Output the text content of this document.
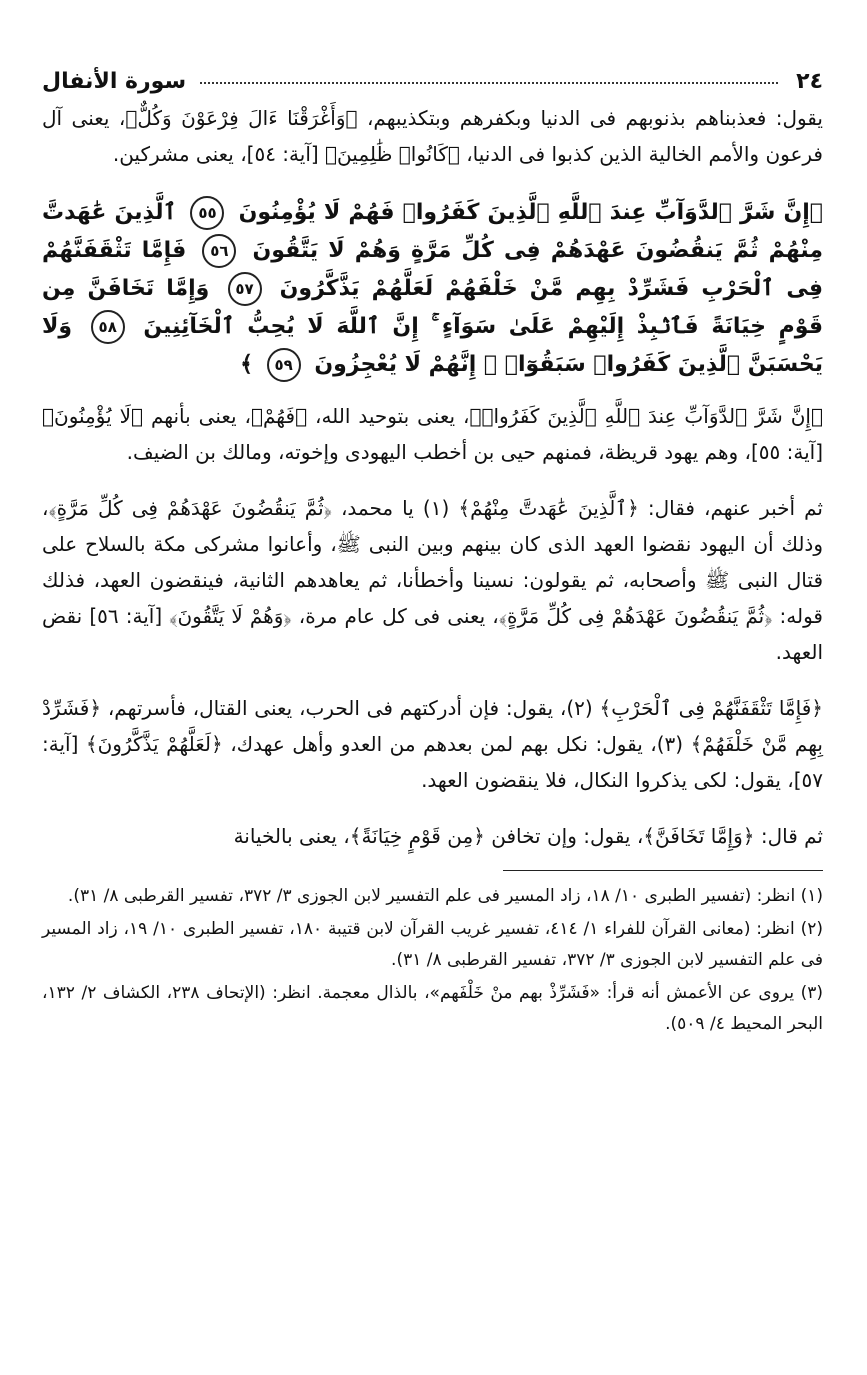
٢٤
سورة الأنفال

يقول: فعذبناهم بذنوبهم فى الدنيا وبكفرهم وبتكذيبهم، ﴿وَأَغْرَقْنَا ءَالَ فِرْعَوْنَ وَكُلٌّ﴾، يعنى آل فرعون والأمم الخالية الذين كذبوا فى الدنيا، ﴿كَانُوا۟ ظَٰلِمِينَ﴾ [آية: ٥٤]، يعنى مشركين.

﴿إِنَّ شَرَّ ٱلدَّوَآبِّ عِندَ ٱللَّهِ ٱلَّذِينَ كَفَرُوا۟ فَهُمْ لَا يُؤْمِنُونَ ٥٥ ٱلَّذِينَ عَٰهَدتَّ مِنْهُمْ ثُمَّ يَنقُضُونَ عَهْدَهُمْ فِى كُلِّ مَرَّةٍ وَهُمْ لَا يَتَّقُونَ ٥٦ فَإِمَّا تَثْقَفَنَّهُمْ فِى ٱلْحَرْبِ فَشَرِّدْ بِهِم مَّنْ خَلْفَهُمْ لَعَلَّهُمْ يَذَّكَّرُونَ ٥٧ وَإِمَّا تَخَافَنَّ مِن قَوْمٍ خِيَانَةً فَٱنۢبِذْ إِلَيْهِمْ عَلَىٰ سَوَآءٍ ۚ إِنَّ ٱللَّهَ لَا يُحِبُّ ٱلْخَآئِنِينَ ٥٨ وَلَا يَحْسَبَنَّ ٱلَّذِينَ كَفَرُوا۟ سَبَقُوٓا۟ ۚ إِنَّهُمْ لَا يُعْجِزُونَ ٥٩ ﴾

﴿إِنَّ شَرَّ ٱلدَّوَآبِّ عِندَ ٱللَّهِ ٱلَّذِينَ كَفَرُوا۟﴾، يعنى بتوحيد الله، ﴿فَهُمْ﴾، يعنى بأنهم ﴿لَا يُؤْمِنُونَ﴾ [آية: ٥٥]، وهم يهود قريظة، فمنهم حيى بن أخطب اليهودى وإخوته، ومالك بن الضيف.

ثم أخبر عنهم، فقال: ﴿ٱلَّذِينَ عَٰهَدتَّ مِنْهُمْ﴾ (١) يا محمد، ﴿ثُمَّ يَنقُضُونَ عَهْدَهُمْ فِى كُلِّ مَرَّةٍ﴾، وذلك أن اليهود نقضوا العهد الذى كان بينهم وبين النبى ﷺ، وأعانوا مشركى مكة بالسلاح على قتال النبى ﷺ وأصحابه، ثم يقولون: نسينا وأخطأنا، ثم يعاهدهم الثانية، فينقضون العهد، فذلك قوله: ﴿ثُمَّ يَنقُضُونَ عَهْدَهُمْ فِى كُلِّ مَرَّةٍ﴾، يعنى فى كل عام مرة، ﴿وَهُمْ لَا يَتَّقُونَ﴾ [آية: ٥٦] نقض العهد.

﴿فَإِمَّا تَثْقَفَنَّهُمْ فِى ٱلْحَرْبِ﴾ (٢)، يقول: فإن أدركتهم فى الحرب، يعنى القتال، فأسرتهم، ﴿فَشَرِّدْ بِهِم مَّنْ خَلْفَهُمْ﴾ (٣)، يقول: نكل بهم لمن بعدهم من العدو وأهل عهدك، ﴿لَعَلَّهُمْ يَذَّكَّرُونَ﴾ [آية: ٥٧]، يقول: لكى يذكروا النكال، فلا ينقضون العهد.

ثم قال: ﴿وَإِمَّا تَخَافَنَّ﴾، يقول: وإن تخافن ﴿مِن قَوْمٍ خِيَانَةً﴾، يعنى بالخيانة

(١) انظر: (تفسير الطبرى ١٠/ ١٨، زاد المسير فى علم التفسير لابن الجوزى ٣/ ٣٧٢، تفسير القرطبى ٨/ ٣١).

(٢) انظر: (معانى القرآن للفراء ١/ ٤١٤، تفسير غريب القرآن لابن قتيبة ١٨٠، تفسير الطبرى ١٠/ ١٩، زاد المسير فى علم التفسير لابن الجوزى ٣/ ٣٧٢، تفسير القرطبى ٨/ ٣١).

(٣) يروى عن الأعمش أنه قرأ: «فَشَرِّذْ بهم منْ خَلْفَهم»، بالذال معجمة. انظر: (الإتحاف ٢٣٨، الكشاف ٢/ ١٣٢، البحر المحيط ٤/ ٥٠٩).
